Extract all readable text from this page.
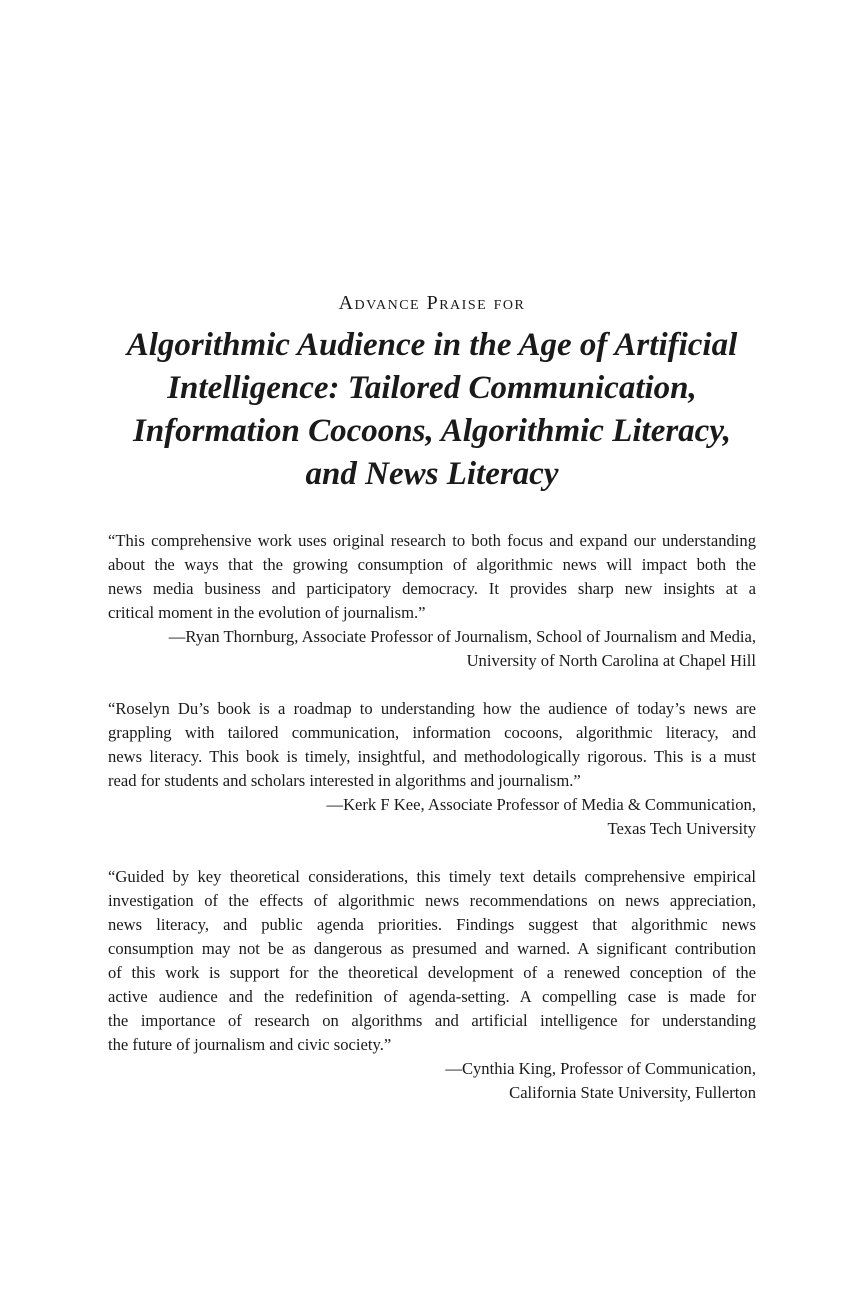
Advance Praise for
Algorithmic Audience in the Age of Artificial
Intelligence: Tailored Communication,
Information Cocoons, Algorithmic Literacy,
and News Literacy

“This comprehensive work uses original research to both focus and expand our understanding
about the ways that the growing consumption of algorithmic news will impact both the
news media business and participatory democracy. It provides sharp new insights at a
critical moment in the evolution of journalism.”

—Ryan Thornburg, Associate Professor of Journalism, School of Journalism and Media,
University of North Carolina at Chapel Hill

“Roselyn Du’s book is a roadmap to understanding how the audience of today’s news are
grappling with tailored communication, information cocoons, algorithmic literacy, and
news literacy. This book is timely, insightful, and methodologically rigorous. This is a must
read for students and scholars interested in algorithms and journalism.”

—Kerk F Kee, Associate Professor of Media & Communication,
Texas Tech University

“Guided by key theoretical considerations, this timely text details comprehensive empirical
investigation of the effects of algorithmic news recommendations on news appreciation,
news literacy, and public agenda priorities. Findings suggest that algorithmic news
consumption may not be as dangerous as presumed and warned. A significant contribution
of this work is support for the theoretical development of a renewed conception of the
active audience and the redefinition of agenda-setting. A compelling case is made for
the importance of research on algorithms and artificial intelligence for understanding
the future of journalism and civic society.”

—Cynthia King, Professor of Communication,
California State University, Fullerton
